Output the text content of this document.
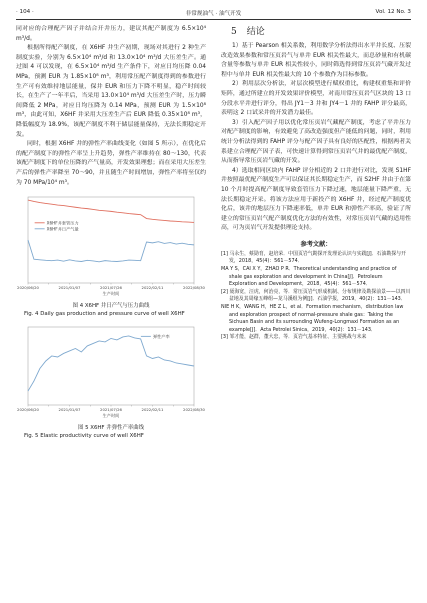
· 104 ·	非常规油气 · 油气开发	Vol. 12 No. 3

同对应的合理配产因子并结合开井压力，建议其配产制度为 6.5×10⁴ m³/d。

根据所得配产制度，在 X6HF 井生产初期，现场对其进行 2 种生产制度实验，分别为 6.5×10⁴ m³/d 和 13.0×10⁴ m³/d 大压差生产。通过图 4 可以发现，在 6.5×10⁴ m³/d 生产条件下，对应日均压降 0.04 MPa，预测 EUR 为 1.85×10⁸ m³，利用常压配产制度得到的参数进行生产可有效维持地层能量，保井 EUR 和压力下降不明显，稳产时间较长，在生产了一年半后，当采用 13.0×10⁴ m³/d 大压差生产时，压力瞬间降低 2 MPa，对应日均压降为 0.14 MPa，预测 EUR 为 1.5×10⁸ m³，由此可知，X6HF 井采用大压差生产后 EUR 降低 0.35×10⁸ m³，降低幅度为 18.9%，该配产制度不利于储层能量保持，无法长期稳定开发。

同时，根据 X6HF 井的弹性产率曲线变化（如图 5 所示），在优化后的配产制度下的弹性产率呈上升趋势，弹性产率维持在 80～130，代表该配产制度下的单位压降的产气量高，开发效果理想；而在采用大压差生产后的弹性产率降至 70～90，并且随生产时间增加，弹性产率将至仅约为 70 MPa/10⁴ m³。

2020/06/20	2021/01/07	2021/07/26	2022/02/11	2022/08/30
生产时间
X6HF井套管压力
X6HF井日产气量
图 4 X6HF 井日产气与压力曲线
Fig. 4 Daily gas production and pressure curve of well X6HF
2020/06/20	2021/01/07	2021/07/26	2022/02/11	2022/08/30
生产时间
弹性产率
图 5 X6HF 井弹性产率曲线
Fig. 5 Elastic productivity curve of well X6HF
5 结论

1）基于 Pearson 相关系数，利用数学分析法得出水平井长度、压裂改造效果参数和常压页岩气与单井 EUR 相关性最大，而总砂量和有机碳含量等参数与单井 EUR 相关性较小，同时筛选得到常压页岩气藏开发过程中与单井 EUR 相关性最大的 10 个参数作为目标参数。

2）利用层次分析法，对层次模型进行赋权重比，构建权重集和评价矩阵，通过所建立的开发效果评价模型，对南川常压页岩气区块的 13 口分段水平井进行评分，得出 JY1－3 井和 JY4－1 井的 FAHP 评分最高，表明这 2 口试采井的开发潜力最佳。

3）引入配产因子用以优化常压页岩气藏配产制度，考虑了平井压力对配产制度的影响，有效避免了高改造强度但产能低的问题，同时，利用统计分析法得到的 FAHP 评分与配产因子具有良好的匹配性，根据两者关系建立合理配产因子表，可快速计算得到常压页岩气井的最优配产制度，从而指导常压页岩气藏的开发。

4）选取相同区块内 FAHP 评分相近的 2 口井进行对比，发现 S1HF 井按照最优配产制度生产可以保证其长期稳定生产，而 S2HF 井由于在第 10 个月时提高配产制度导致套管压力下降过速，地层能量下降严重，无法长期稳定开采。将该方法应用于新投产的 X6HF 井，经过配产制度优化后，该井的地层压力下降速率低，单井 EUR 和弹性产率高，验证了所建立的常压页岩气配产制度优化方法的有效性，对常压页岩气藏的适用性高，可为页岩气开发提供理论支持。

参考文献：
[1] 马永生，蔡勋育，赵培荣．中国页岩气勘探开发理论认识与实践[J]．石油勘探与开发，2018，45(4)：561－574．
MA Y S，CAI X Y，ZHAO P R．Theoretical understanding and practice of shale gas exploration and development in China[J]．Petroleum Exploration and Development，2018，45(4)：561－574．
[2] 聂海宽，汪虎，何治亮，等．常压页岩气形成机制、分布规律及勘探前景——以四川盆地及其周缘五峰组—龙马溪组为例[J]．石油学报，2019，40(2)：131－143．
NIE H K，WANG H，HE Z L，et al．Formation mechanism，distribution law and exploration prospect of normal-pressure shale gas：Taking the Sichuan Basin and its surrounding Wufeng-Longmaxi Formation as an example[J]．Acta Petrolei Sinica，2019，40(2)：131－143．
[3] 邹才能，赵群，董大忠，等．页岩气基本特征、主要挑战与未来
